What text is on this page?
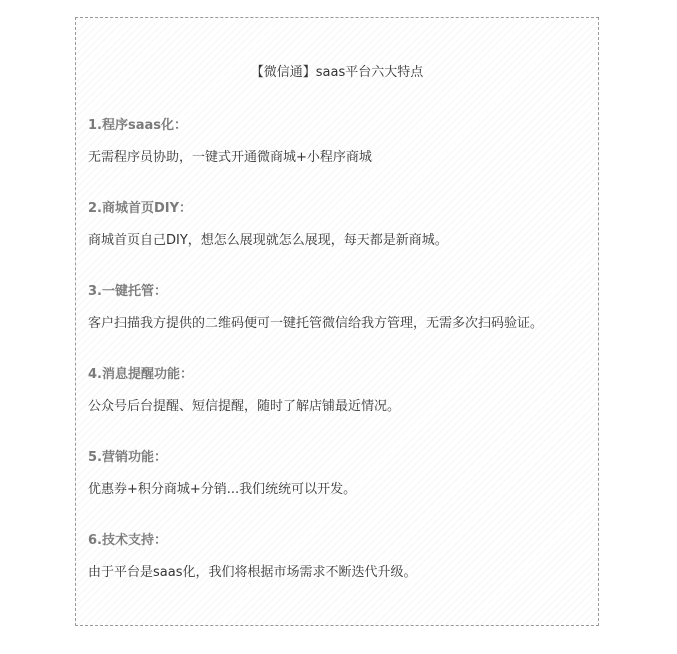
【微信通】saas平台六大特点
1.程序saas化：
无需程序员协助，一键式开通微商城+小程序商城
2.商城首页DIY：
商城首页自己DIY，想怎么展现就怎么展现，每天都是新商城。
3.一键托管：
客户扫描我方提供的二维码便可一键托管微信给我方管理，无需多次扫码验证。
4.消息提醒功能：
公众号后台提醒、短信提醒，随时了解店铺最近情况。
5.营销功能：
优惠券+积分商城+分销...我们统统可以开发。
6.技术支持：
由于平台是saas化，我们将根据市场需求不断迭代升级。
